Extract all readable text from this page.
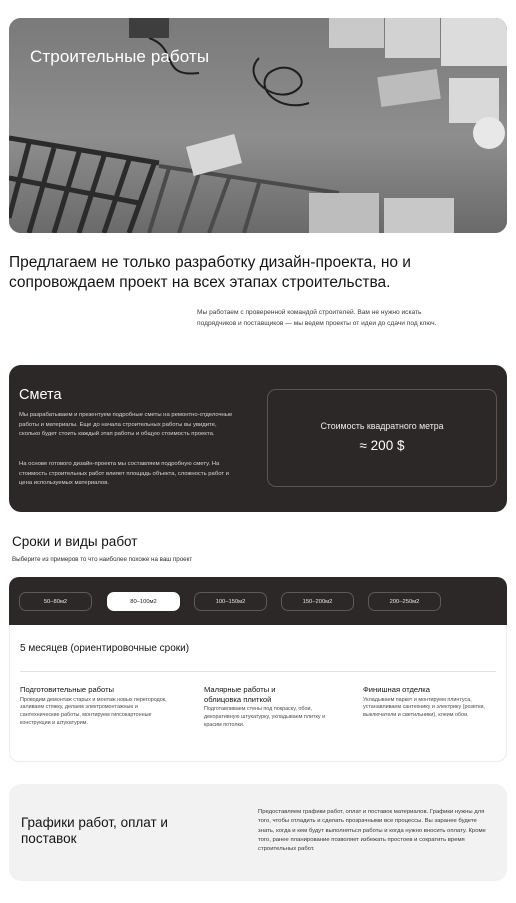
Строительные работы
Предлагаем не только разработку дизайн-проекта, но и сопровождаем проект на всех этапах строительства.
Мы работаем с проверенной командой строителей. Вам не нужно искать подрядчиков и поставщиков — мы ведем проекты от идеи до сдачи под ключ.
Смета
Мы разрабатываем и презентуем подробные сметы на ремонтно-отделочные работы и материалы. Еще до начала строительных работы вы увидите, сколько будет стоить каждый этап работы и общую стоимость проекта.
На основе готового дизайн-проекта мы составляем подробную смету. На стоимость строительных работ влияет площадь объекта, сложность работ и цена используемых материалов.
Стоимость квадратного метра
≈ 200 $
Сроки и виды работ
Выберите из примеров то что наиболее похоже на ваш проект
50–80м2	80–100м2	100–150м2	150–200м2	200–250м2
5 месяцев (ориентировочные сроки)
Подготовительные работы
Проводим демонтаж старых и монтаж новых перегородок, заливаем стяжку, делаем электромонтажные и сантехнические работы, монтируем гипсокартонные конструкции и штукатурим.
Малярные работы и облицовка плиткой
Подготавливаем стены под покраску, обои, декоративную штукатурку, укладываем плитку и красим потолки.
Финишная отделка
Укладываем паркет и монтируем плинтуса, устанавливаем сантехнику и электрику (розетки, выключатели и светильники), клеим обои.
Графики работ, оплат и поставок
Предоставляем графики работ, оплат и поставок материалов. Графики нужны для того, чтобы отладить и сделать прозрачными все процессы. Вы заранее будете знать, когда и кем будут выполняться работы и когда нужно вносить оплату. Кроме того, ранее планирование позволяет избежать простоев и сократить время строительных работ.
